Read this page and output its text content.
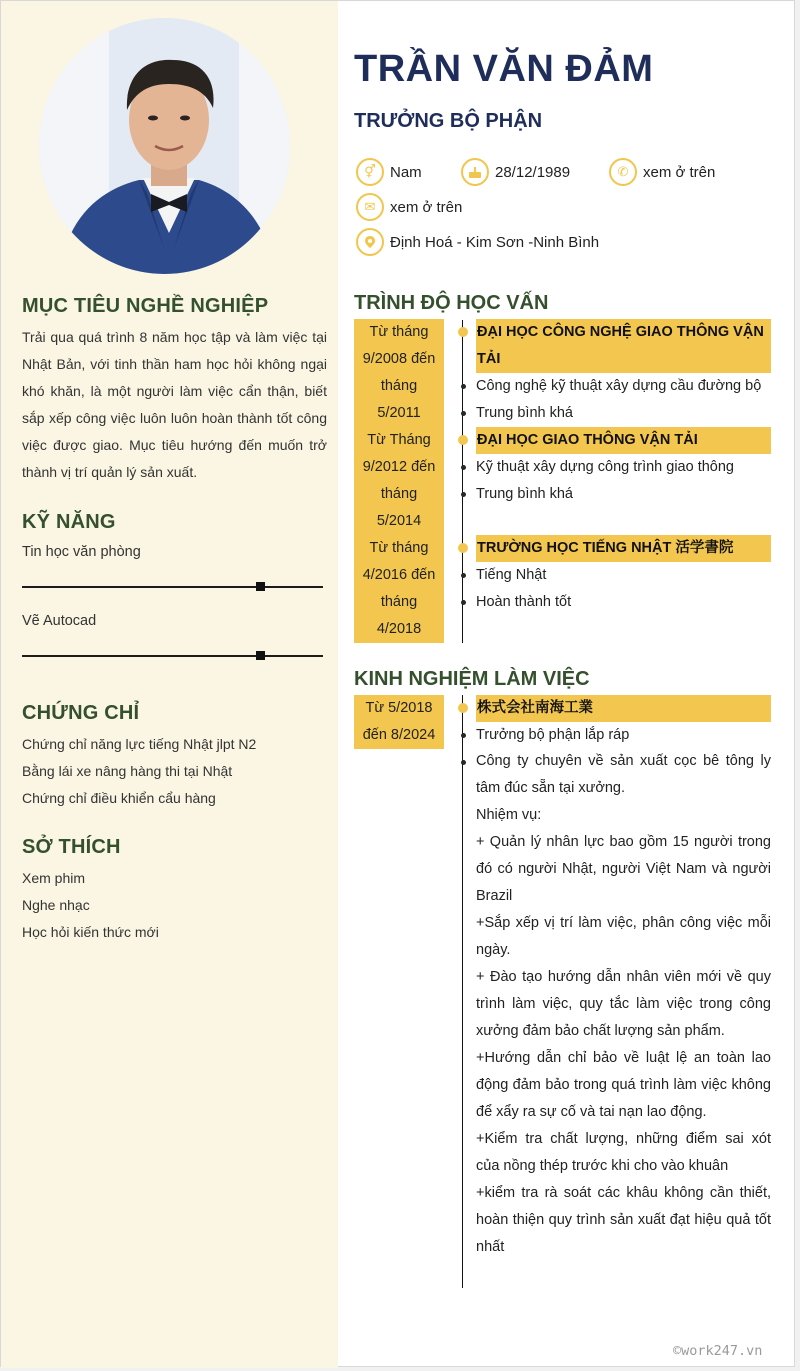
MỤC TIÊU NGHỀ NGHIỆP
Trải qua quá trình 8 năm học tập và làm việc tại Nhật Bản, với tinh thần ham học hỏi không ngại khó khăn, là một người làm việc cẩn thận, biết sắp xếp công việc luôn luôn hoàn thành tốt công việc được giao. Mục tiêu hướng đến muốn trở thành vị trí quản lý sản xuất.
KỸ NĂNG
Tin học văn phòng
Vẽ Autocad
CHỨNG CHỈ
Chứng chỉ năng lực tiếng Nhật jlpt N2
Bằng lái xe nâng hàng thi tại Nhật
Chứng chỉ điều khiển cẩu hàng
SỞ THÍCH
Xem phim
Nghe nhạc
Học hỏi kiến thức mới
TRẦN VĂN ĐẢM
TRƯỞNG BỘ PHẬN
⚥ Nam	28/12/1989	✆ xem ở trên
✉ xem ở trên
Định Hoá - Kim Sơn -Ninh Bình
TRÌNH ĐỘ HỌC VẤN
Từ tháng
9/2008 đến
tháng
5/2011
Từ Tháng
9/2012 đến
tháng
5/2014
Từ tháng
4/2016 đến
tháng
4/2018
ĐẠI HỌC CÔNG NGHỆ GIAO THÔNG VẬN TẢI
Công nghệ kỹ thuật xây dựng cầu đường bộ
Trung bình khá
ĐẠI HỌC GIAO THÔNG VẬN TẢI
Kỹ thuật xây dựng công trình giao thông
Trung bình khá
TRƯỜNG HỌC TIẾNG NHẬT 活学書院
Tiếng Nhật
Hoàn thành tốt
KINH NGHIỆM LÀM VIỆC
Từ 5/2018
đến 8/2024
株式会社南海工業
Trưởng bộ phận lắp ráp

Công ty chuyên về sản xuất cọc bê tông ly tâm đúc sẵn tại xưởng.

Nhiệm vụ:

+ Quản lý nhân lực bao gồm 15 người trong đó có người Nhật, người Việt Nam và người Brazil

+Sắp xếp vị trí làm việc, phân công việc mỗi ngày.

+ Đào tạo hướng dẫn nhân viên mới về quy trình làm việc, quy tắc làm việc trong công xưởng đảm bảo chất lượng sản phẩm.

+Hướng dẫn chỉ bảo về luật lệ an toàn lao động đảm bảo trong quá trình làm việc không để xẩy ra sự cố và tai nạn lao động.

+Kiểm tra chất lượng, những điểm sai xót của nồng thép trước khi cho vào khuân

+kiểm tra rà soát các khâu không cần thiết, hoàn thiện quy trình sản xuất đạt hiệu quả tốt nhất

©work247.vn
